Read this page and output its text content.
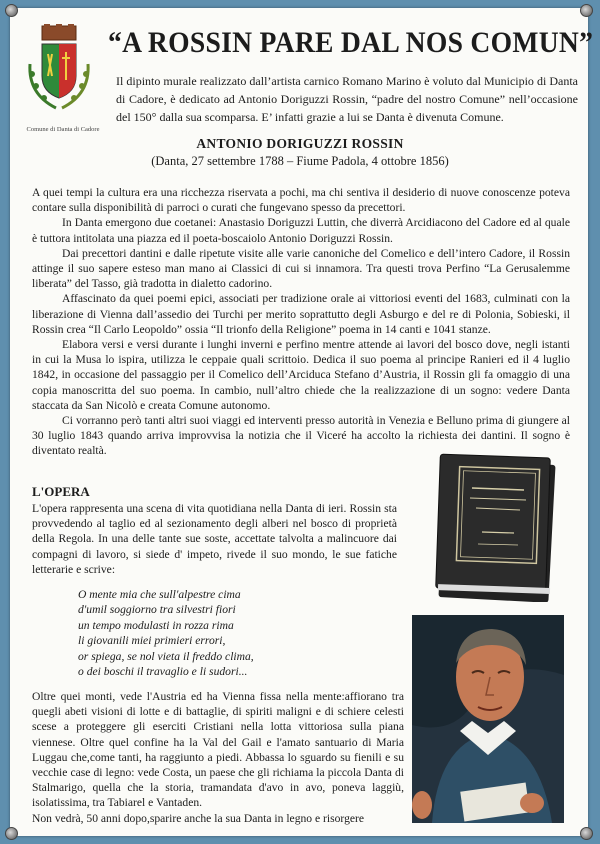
Comune di Danta di Cadore
“A ROSSIN PARE DAL NOS COMUN”
Il dipinto murale realizzato dall’artista carnico Romano Marino è voluto dal Municipio di Danta di Cadore, è dedicato ad Antonio Doriguzzi Rossin, “padre del nostro Comune” nell’occasione del 150° dalla sua scomparsa. E’ infatti grazie a lui se Danta è divenuta Comune.
ANTONIO DORIGUZZI ROSSIN
(Danta, 27 settembre 1788 – Fiume Padola, 4 ottobre 1856)

A quei tempi la cultura era una ricchezza riservata a pochi, ma chi sentiva il desiderio di nuove conoscenze poteva contare sulla disponibilità di parroci o curati che fungevano spesso da precettori.

In Danta emergono due coetanei: Anastasio Doriguzzi Luttin, che diverrà Arcidiacono del Cadore ed al quale è tuttora intitolata una piazza ed il poeta-boscaiolo Antonio Doriguzzi Rossin.

Dai precettori dantini e dalle ripetute visite alle varie canoniche del Comelico e dell’intero Cadore, il Rossin attinge il suo sapere esteso man mano ai Classici di cui si innamora. Tra questi trova Perfino “La Gerusalemme liberata” del Tasso, già tradotta in dialetto cadorino.

Affascinato da quei poemi epici, associati per tradizione orale ai vittoriosi eventi del 1683, culminati con la liberazione di Vienna dall’assedio dei Turchi per merito soprattutto degli Asburgo e del re di Polonia, Sobieski, il Rossin crea “Il Carlo Leopoldo” ossia “Il trionfo della Religione” poema in 14 canti e 1041 stanze.

Elabora versi e versi durante i lunghi inverni e perfino mentre attende ai lavori del bosco dove, negli istanti in cui la Musa lo ispira, utilizza le ceppaie quali scrittoio. Dedica il suo poema al principe Ranieri ed il 4 luglio 1842, in occasione del passaggio per il Comelico dell’Arciduca Stefano d’Austria, il Rossin gli fa omaggio di una copia manoscritta del suo poema. In cambio, null’altro chiede che la realizzazione di un sogno: vedere Danta staccata da San Nicolò e creata Comune autonomo.

Ci vorranno però tanti altri suoi viaggi ed interventi presso autorità in Venezia e Belluno prima di giungere al 30 luglio 1843 quando arriva improvvisa la notizia che il Viceré ha accolto la richiesta dei dantini. Il sogno è diventato realtà.

L'OPERA
L'opera rappresenta una scena di vita quotidiana nella Danta di ieri. Rossin sta provvedendo al taglio ed al sezionamento degli alberi nel bosco di proprietà della Regola. In una delle tante sue soste, accettate talvolta a malincuore dai compagni di lavoro, si siede d' impeto, rivede il suo mondo, le sue fatiche letterarie e scrive:
O mente mia che sull'alpestre cima
d'umil soggiorno tra silvestri fiori
un tempo modulasti in rozza rima
li giovanili miei primieri errori,
or spiega, se nol vieta il freddo clima,
o dei boschi il travaglio e li sudori...
Oltre quei monti, vede l'Austria ed ha Vienna fissa nella mente:affiorano tra quegli abeti visioni di lotte e di battaglie, di spiriti maligni e di schiere celesti scese a proteggere gli eserciti Cristiani nella lotta vittoriosa sulla piana viennese. Oltre quel confine ha la Val del Gail e l'amato santuario di Maria Luggau che,come tanti, ha raggiunto a piedi. Abbassa lo sguardo su fienili e su vecchie case di legno: vede Costa, un paese che gli richiama la piccola Danta di Stalmarigo, quella che la storia, tramandata d'avo in avo, poneva laggiù, isolatissima, tra Tabiarel e Vantaden.
Non vedrà, 50 anni dopo,sparire anche la sua Danta in legno e risorgere
